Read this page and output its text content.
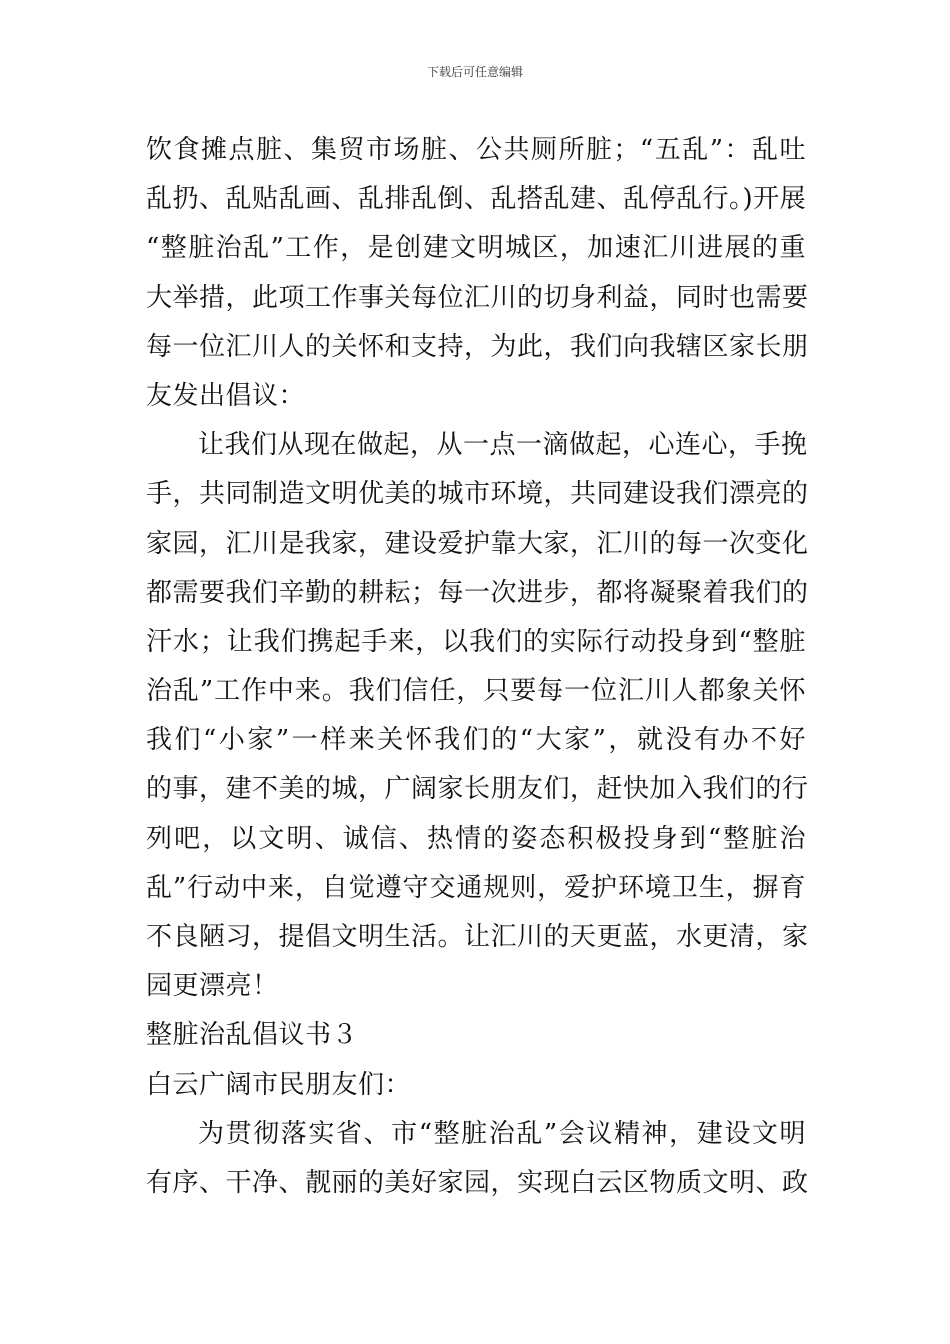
下载后可任意编辑
饮食摊点脏、集贸市场脏、公共厕所脏；“五乱”：乱吐
乱扔、乱贴乱画、乱排乱倒、乱搭乱建、乱停乱行。)开展
“整脏治乱”工作，是创建文明城区，加速汇川进展的重
大举措，此项工作事关每位汇川的切身利益，同时也需要
每一位汇川人的关怀和支持，为此，我们向我辖区家长朋
友发出倡议：
让我们从现在做起，从一点一滴做起，心连心，手挽
手，共同制造文明优美的城市环境，共同建设我们漂亮的
家园，汇川是我家，建设爱护靠大家，汇川的每一次变化
都需要我们辛勤的耕耘；每一次进步，都将凝聚着我们的
汗水；让我们携起手来，以我们的实际行动投身到“整脏
治乱”工作中来。我们信任，只要每一位汇川人都象关怀
我们“小家”一样来关怀我们的“大家”，就没有办不好
的事，建不美的城，广阔家长朋友们，赶快加入我们的行
列吧，以文明、诚信、热情的姿态积极投身到“整脏治
乱”行动中来，自觉遵守交通规则，爱护环境卫生，摒育
不良陋习，提倡文明生活。让汇川的天更蓝，水更清，家
园更漂亮！
整脏治乱倡议书３
白云广阔市民朋友们：
为贯彻落实省、市“整脏治乱”会议精神，建设文明
有序、干净、靓丽的美好家园，实现白云区物质文明、政
